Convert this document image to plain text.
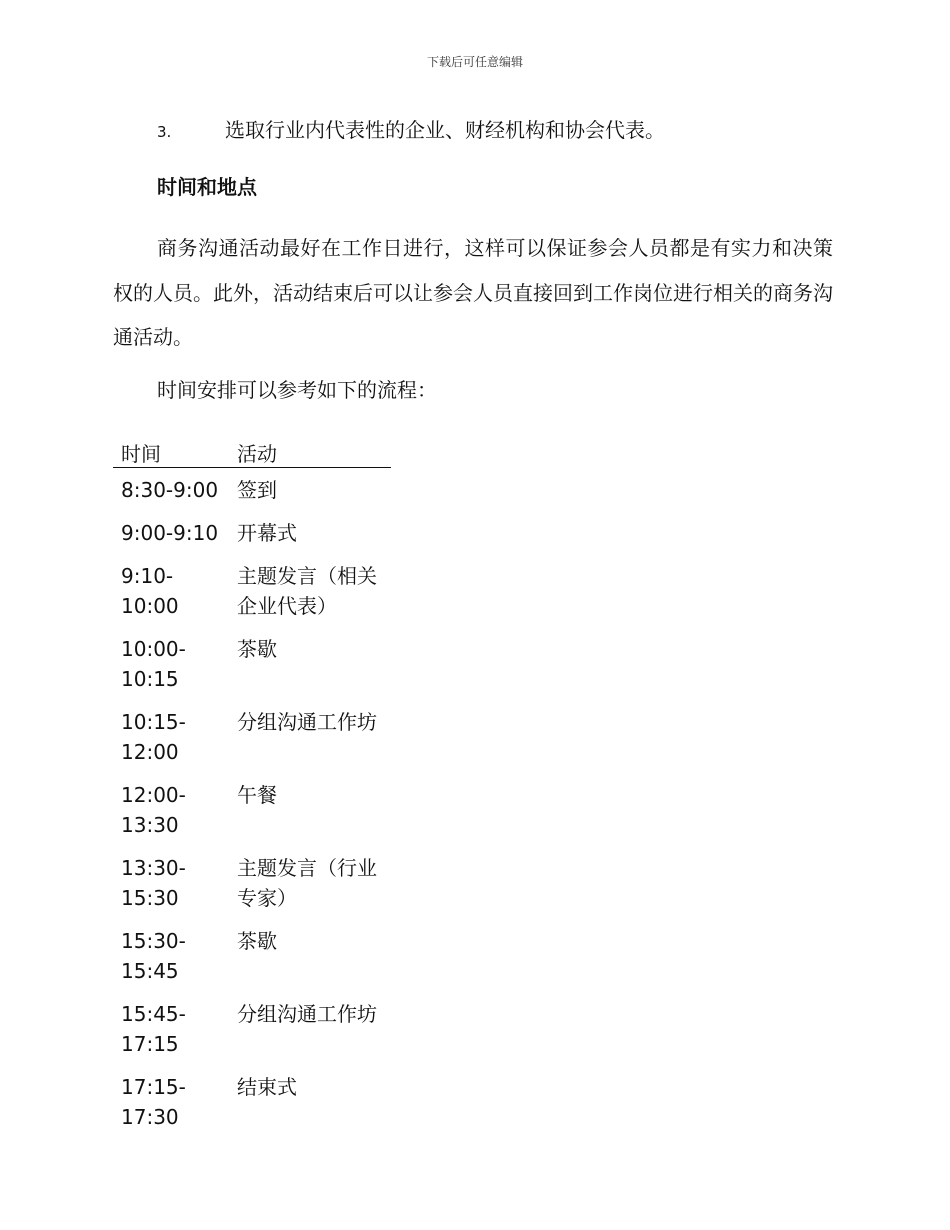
下载后可任意编辑
3.	选取行业内代表性的企业、财经机构和协会代表。
时间和地点
商务沟通活动最好在工作日进行，这样可以保证参会人员都是有实力和决策权的人员。此外，活动结束后可以让参会人员直接回到工作岗位进行相关的商务沟通活动。
时间安排可以参考如下的流程：
时间	活动
8:30-9:00	签到
9:00-9:10	开幕式
9:10-10:00	主题发言（相关企业代表）
10:00-10:15	茶歇
10:15-12:00	分组沟通工作坊
12:00-13:30	午餐
13:30-15:30	主题发言（行业专家）
15:30-15:45	茶歇
15:45-17:15	分组沟通工作坊
17:15-17:30	结束式
